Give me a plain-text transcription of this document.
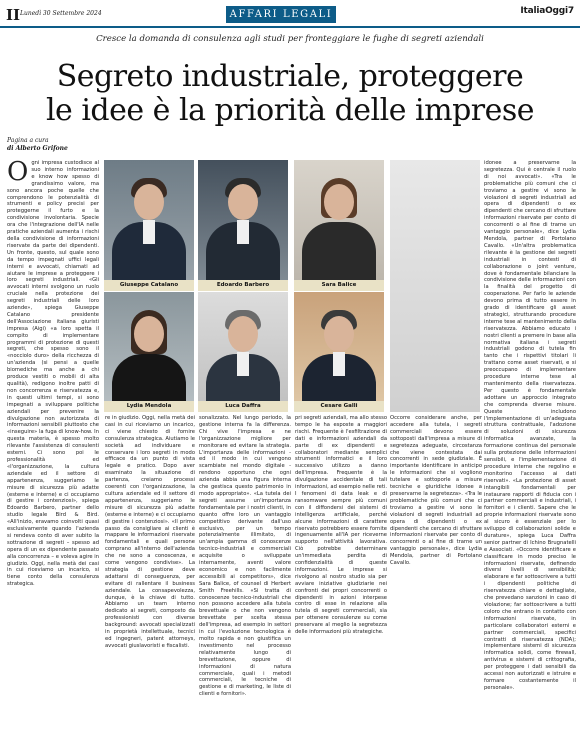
II Lunedì 30 Settembre 2024	AFFARI LEGALI	ItaliaOggi7
Cresce la domanda di consulenza agli studi per fronteggiare le fughe di segreti aziendali
Segreto industriale, proteggere
le idee è la priorità delle imprese
Pagina a cura
di Alberto Grifone
O gni impresa custodisce al suo interno informazioni e know how spesso di grandissimo valore, ma sono ancora poche quelle che comprendono le potenzialità di strumenti e policy precisi per proteggerne il furto e la condivisione involontaria. Specie ora che l'integrazione dell'IA nelle pratiche aziendali aumenta i rischi della condivisione di informazioni riservate da parte dei dipendenti. Un fronte, questo, sul quale sono da tempo impegnati uffici legali interni e avvocati, chiamati ad aiutare le imprese a proteggere i loro segreti industriali. «Gli avvocati interni svolgono un ruolo cruciale nella protezione dei segreti industriali delle loro aziende», spiega Giuseppe Catalano presidente dell'Associazione italiana giuristi impresa (Aigi) «a loro spetta il compito di implementare programmi di protezione di questi segreti, che spesso sono il «nocciolo duro» della ricchezza di un'azienda (si pensi a quelle biomediche ma anche a chi produce vestiti o mobili di alta qualità), redigono inoltre patti di non concorrenza e riservatezza e, in questi ultimi tempi, si sono impegnati a sviluppare politiche aziendali per prevenire la divulgazione non autorizzata di informazioni sensibili piuttosto che «inseguire» la fuga di know-how. In questa materia, è spesso molto rilevante l'assistenza di consulenti esterni. Ci sono poi le professionalità ed «l'organizzazione, la cultura aziendale ed il settore di appartenenza, suggeriamo le misure di sicurezza più adatte (esterne e interne) e ci occupiamo di gestire i contenziosi», spiega Edoardo Barbero, partner dello studio legale Bird & Bird. «All'inizio, eravamo coinvolti quasi esclusivamente quando l'azienda si rendeva conto di aver subito la sottrazione di segreti – spesso ad opera di un ex dipendente passato alla concorrenza – e voleva agire in giudizio. Oggi, nella metà dei casi in cui riceviamo un incarico, si tiene conto della consulenza strategica.
Giuseppe Catalano	Edoardo Barbero	Sara Balice
Lydia Mendola	Luca Daffra	Cesare Galli
re in giudizio. Oggi, nella metà dei casi in cui riceviamo un incarico, ci viene chiesto di fornire consulenza strategica. Aiutiamo le società ad individuare e conservare i loro segreti in modo efficace da un punto di vista legale e pratico. Dopo aver esaminato la situazione di partenza, creiamo processi coerenti con l'organizzazione, la cultura aziendale ed il settore di appartenenza, suggeriamo le misure di sicurezza più adatte (esterne e interne) e ci occupiamo di gestire i contenziosi». «Il primo passo da consigliare ai clienti è mappare le informazioni riservate fondamentali e quali persone comprano all'interno dell'azienda che ne sono a conoscenza, e come vengono condivise». La strategia di gestione deve adattarsi di conseguenza, per evitare di rallentare il business aziendale. La consapevolezza, dunque, è la chiave di tutto. Abbiamo un team interno dedicato ai segreti, composto da professionisti con diverse background: avvocati specializzati in proprietà intellettuale, tecnici ed ingegneri, patent attorneys, avvocati giuslavoristi e fiscalisti.
sonalizzato. Nel lungo periodo, la gestione interna fa la differenza. Chi vive l'impresa e ne l'organizzazione migliore per monitorare ed evitare la strategia. L'importanza delle informazioni - ed il modo in cui vengono scambiate nel mondo digitale - rendono opportuno che ogni azienda abbia una figura interna che gestisca questo patrimonio in modo appropriato». «La tutela dei segreti assume un'importanza fondamentale per i nostri clienti, in quanto offre loro un vantaggio competitivo derivante dall'uso esclusivo, per un tempo potenzialmente illimitato, di un'ampia gamma di conoscenze tecnico-industriali e commerciali acquisite o sviluppate internamente, aventi valore economico e non facilmente accessibili ai competitors», dice Sara Balice, of counsel di Herbert Smith Freehills. «Si tratta di conoscenze tecnico-industriali che non possono accedere alla tutela brevettuale o che non vengono brevettate per scelta stessa dell'impresa, ad esempio in settori in cui l'evoluzione tecnologica è molto rapida e non giustifica un investimento nel processo relativamente lungo di brevettazione, oppure di informazioni di natura commerciale, quali i metodi commerciali, le tecniche di gestione e di marketing, le liste di clienti e fornitori».
pri segreti aziendali, ma allo stesso tempo le ha esposte a maggiori rischi. Frequente è l'esfiltrazione di dati e informazioni aziendali da parte di ex dipendenti e collaboratori mediante semplici strumenti informatici e il loro successivo utilizzo a danno dell'impresa. Frequente è la divulgazione accidentale di tali informazioni, ad esempio nelle reti. I fenomeni di data leak e di ransomware sempre più comuni con il diffondersi dei sistemi di intelligenza artificiale, perché alcune informazioni di carattere riservato potrebbero essere fornite ingenuamente all'IA per riceverne supporto nell'attività lavorativa. Ciò potrebbe determinare un'immediata perdita di confidenzialità di queste informazioni. Le imprese si rivolgono al nostro studio sia per avviare iniziative giudiziarie nei confronti dei propri concorrenti o dipendenti in azioni interpese contro di esse in relazione alla tutela di segreti commerciali, sia per ottenere consulenze su come preservare al meglio la segretezza delle informazioni più strategiche.
Occorre considerare anche, per accedere alla tutela, i segreti commerciali devono essere sottoposti dall'impresa a misure di segretezza adeguate, circostanza che viene contestata dai concorrenti in sede giudiziale. È importante identificare in anticipo le informazioni che si vogliono tutelare e sottoporle a misure tecniche e giuridiche idonee a preservarne la segretezza». «Tra le problematiche più comuni che ci troviamo a gestire vi sono le violazioni di segreti industriali ad opera di dipendenti o ex dipendenti che cercano di sfruttare informazioni riservate per conto di concorrenti o al fine di trarne un vantaggio personale», dice Lydia Mendola, partner di Portolano Cavallo.
idonee a preservarne la segretezza. Qui è centrale il ruolo di noi avvocati». «Tra le problematiche più comuni che ci troviamo a gestire vi sono le violazioni di segreti industriali ad opera di dipendenti o ex dipendenti che cercano di sfruttare informazioni riservate per conto di concorrenti o al fine di trarne un vantaggio personale», dice Lydia Mendola, partner di Portolano Cavallo. «Un'altra problematica rilevante è la gestione dei segreti industriali in contesti di collaborazione o joint venture, dove è fondamentale bilanciare la condivisione delle informazioni con la finalità del progetto di cooperazione. Per farlo le aziende devono prima di tutto essere in grado di identificare gli asset strategici, strutturando procedure interne tese al mantenimento della riservatezza. Abbiamo educato i nostri clienti a premere in base alla normativa italiana i segreti industriali godono di tutela fin tanto che i rispettivi titolari li trattano come asset riservati, e si preoccupano di implementare procedure interne tese al mantenimento della riservatezza. Per questo è fondamentale adottare un approccio integrato che comprenda diverse misure. Queste includono l'implementazione di un'adeguata struttura contrattuale, l'adozione di soluzioni di sicurezza informatica avanzate, la formazione continua del personale sulla protezione delle informazioni sensibili, e l'implementazione di procedure interne che regolino e monitorino l'accesso ai dati riservati». «La protezione di asset intangibili fondamentali per instaurare rapporti di fiducia con i partner commerciali e industriali, i fornitori e i clienti. Sapere che le proprie informazioni riservate sono al sicuro è essenziale per lo sviluppo di collaborazioni solide e durature», spiega Luca Daffra senior partner di Ichino Brugnatelli e Associati. «Occorre identificare e classificare in modo preciso le informazioni riservate, definendo diversi livelli di sensibilità; elaborare e far sottoscrivere a tutti i dipendenti politiche di riservatezza chiare e dettagliate, che prevedano sanzioni in caso di violazione; far sottoscrivere a tutti coloro che entrano in contatto con informazioni riservate, in particolare collaboratori esterni e partner commerciali, specifici contratti di riservatezza (NDA); implementare sistemi di sicurezza informatica solidi, come firewall, antivirus e sistemi di crittografia, per proteggere i dati sensibili da accessi non autorizzati e istruire e formare costantemente il personale».
